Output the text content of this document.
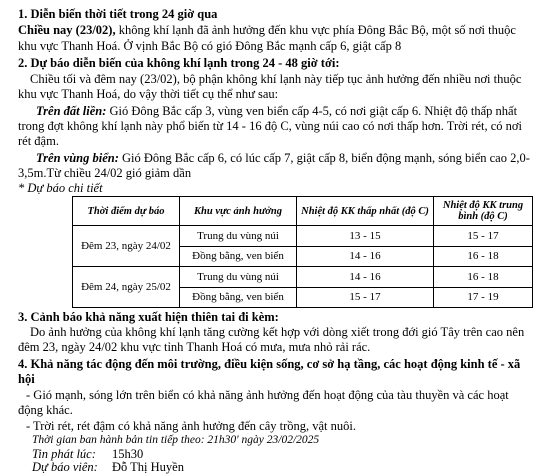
1. Diễn biến thời tiết trong 24 giờ qua
Chiều nay (23/02), không khí lạnh đã ảnh hưởng đến khu vực phía Đông Bắc Bộ, một số nơi thuộc
khu vực Thanh Hoá. Ở vịnh Bắc Bộ có gió Đông Bắc mạnh cấp 6, giật cấp 8
2. Dự báo diễn biến của không khí lạnh trong 24 - 48 giờ tới:
Chiều tối và đêm nay (23/02), bộ phận không khí lạnh này tiếp tục ảnh hưởng đến nhiều nơi thuộc
khu vực Thanh Hoá, do vậy thời tiết cụ thể như sau:
Trên đất liền: Gió Đông Bắc cấp 3, vùng ven biển cấp 4-5, có nơi giật cấp 6. Nhiệt độ thấp nhất
trong đợt không khí lạnh này phổ biến từ 14 - 16 độ C, vùng núi cao có nơi thấp hơn. Trời rét, có nơi
rét đậm.
Trên vùng biển: Gió Đông Bắc cấp 6, có lúc cấp 7, giật cấp 8, biển động mạnh, sóng biển cao 2,0-
3,5m.Từ chiều 24/02 gió giảm dần
* Dự báo chi tiết
Thời điểm dự báo	Khu vực ảnh hưởng	Nhiệt độ KK thấp nhất (độ C)	Nhiệt độ KK trung bình (độ C)
Đêm 23, ngày 24/02	Trung du vùng núi	13 - 15	15 - 17
	Đồng bằng, ven biển	14 - 16	16 - 18
Đêm 24, ngày 25/02	Trung du vùng núi	14 - 16	16 - 18
	Đồng bằng, ven biển	15 - 17	17 - 19
3. Cảnh báo khả năng xuất hiện thiên tai đi kèm:
Do ảnh hưởng của không khí lạnh tăng cường kết hợp với dòng xiết trong đới gió Tây trên cao nên
đêm 23, ngày 24/02 khu vực tỉnh Thanh Hoá có mưa, mưa nhỏ rải rác.
4. Khả năng tác động đến môi trường, điều kiện sống, cơ sở hạ tầng, các hoạt động kinh tế - xã
hội
- Gió mạnh, sóng lớn trên biển có khả năng ảnh hưởng đến hoạt động của tàu thuyền và các hoạt
động khác.
- Trời rét, rét đậm có khả năng ảnh hưởng đến cây trồng, vật nuôi.
Thời gian ban hành bản tin tiếp theo: 21h30' ngày 23/02/2025
Tin phát lúc: 15h30
Dự báo viên: Đỗ Thị Huyền
